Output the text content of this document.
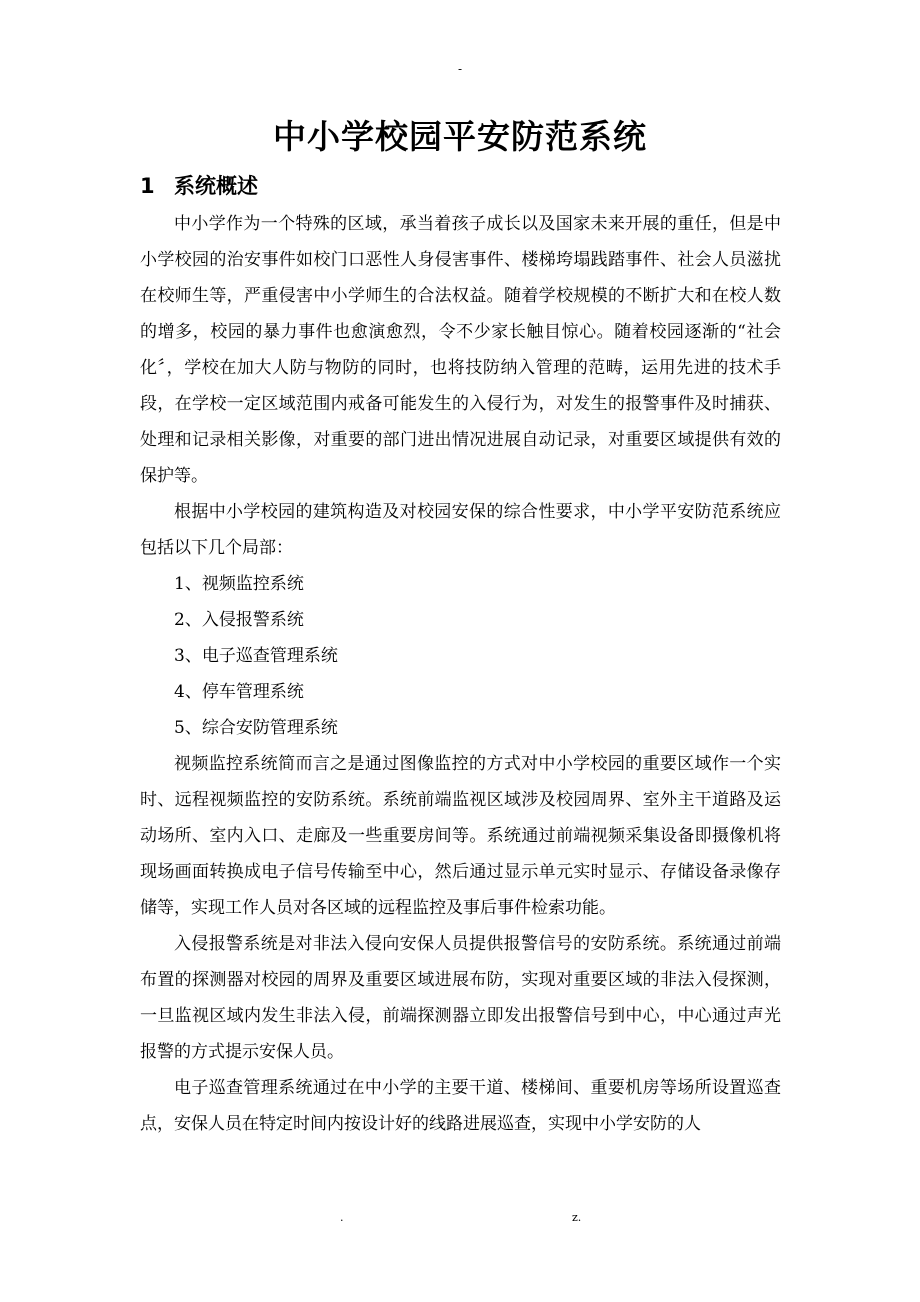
-
中小学校园平安防范系统
1 系统概述

中小学作为一个特殊的区域，承当着孩子成长以及国家未来开展的重任，但是中小学校园的治安事件如校门口恶性人身侵害事件、楼梯垮塌践踏事件、社会人员滋扰在校师生等，严重侵害中小学师生的合法权益。随着学校规模的不断扩大和在校人数的增多，校园的暴力事件也愈演愈烈，令不少家长触目惊心。随着校园逐渐的“社会化〞，学校在加大人防与物防的同时，也将技防纳入管理的范畴，运用先进的技术手段，在学校一定区域范围内戒备可能发生的入侵行为，对发生的报警事件及时捕获、处理和记录相关影像，对重要的部门进出情况进展自动记录，对重要区域提供有效的保护等。

根据中小学校园的建筑构造及对校园安保的综合性要求，中小学平安防范系统应包括以下几个局部：

1、视频监控系统

2、入侵报警系统

3、电子巡查管理系统

4、停车管理系统

5、综合安防管理系统

视频监控系统简而言之是通过图像监控的方式对中小学校园的重要区域作一个实时、远程视频监控的安防系统。系统前端监视区域涉及校园周界、室外主干道路及运动场所、室内入口、走廊及一些重要房间等。系统通过前端视频采集设备即摄像机将现场画面转换成电子信号传输至中心，然后通过显示单元实时显示、存储设备录像存储等，实现工作人员对各区域的远程监控及事后事件检索功能。

入侵报警系统是对非法入侵向安保人员提供报警信号的安防系统。系统通过前端布置的探测器对校园的周界及重要区域进展布防，实现对重要区域的非法入侵探测，一旦监视区域内发生非法入侵，前端探测器立即发出报警信号到中心，中心通过声光报警的方式提示安保人员。

电子巡查管理系统通过在中小学的主要干道、楼梯间、重要机房等场所设置巡查点，安保人员在特定时间内按设计好的线路进展巡查，实现中小学安防的人

.	z.
